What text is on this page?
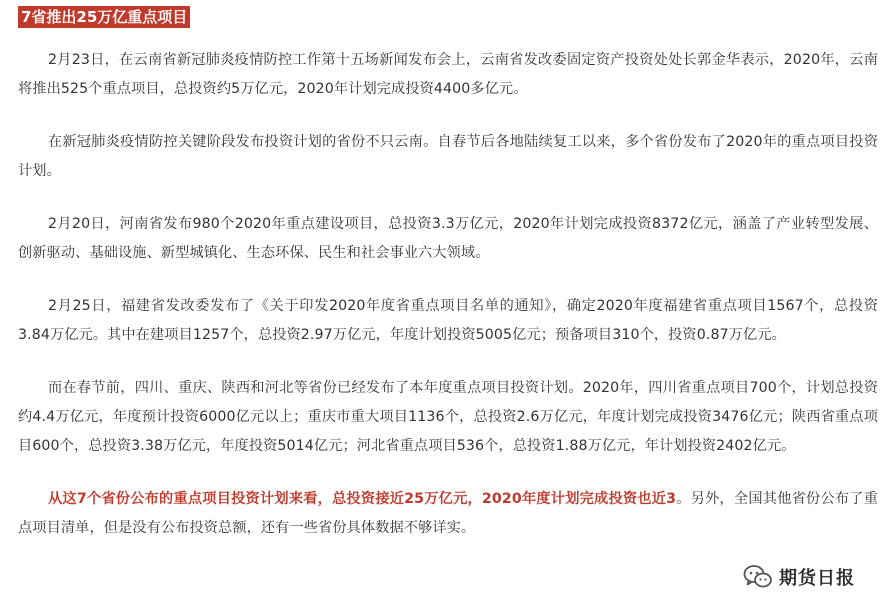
7省推出25万亿重点项目

2月23日，在云南省新冠肺炎疫情防控工作第十五场新闻发布会上，云南省发改委固定资产投资处处长郭金华表示，2020年，云南将推出525个重点项目，总投资约5万亿元，2020年计划完成投资4400多亿元。

在新冠肺炎疫情防控关键阶段发布投资计划的省份不只云南。自春节后各地陆续复工以来，多个省份发布了2020年的重点项目投资计划。

2月20日，河南省发布980个2020年重点建设项目，总投资3.3万亿元，2020年计划完成投资8372亿元，涵盖了产业转型发展、创新驱动、基础设施、新型城镇化、生态环保、民生和社会事业六大领域。

2月25日，福建省发改委发布了《关于印发2020年度省重点项目名单的通知》，确定2020年度福建省重点项目1567个，总投资3.84万亿元。其中在建项目1257个，总投资2.97万亿元，年度计划投资5005亿元；预备项目310个，投资0.87万亿元。

而在春节前，四川、重庆、陕西和河北等省份已经发布了本年度重点项目投资计划。2020年，四川省重点项目700个，计划总投资约4.4万亿元，年度预计投资6000亿元以上；重庆市重大项目1136个，总投资2.6万亿元，年度计划完成投资3476亿元；陕西省重点项目600个，总投资3.38万亿元，年度投资5014亿元；河北省重点项目536个，总投资1.88万亿元，年计划投资2402亿元。

从这7个省份公布的重点项目投资计划来看，总投资接近25万亿元，2020年度计划完成投资也近3。另外，全国其他省份公布了重点项目清单，但是没有公布投资总额，还有一些省份具体数据不够详实。

期货日报
